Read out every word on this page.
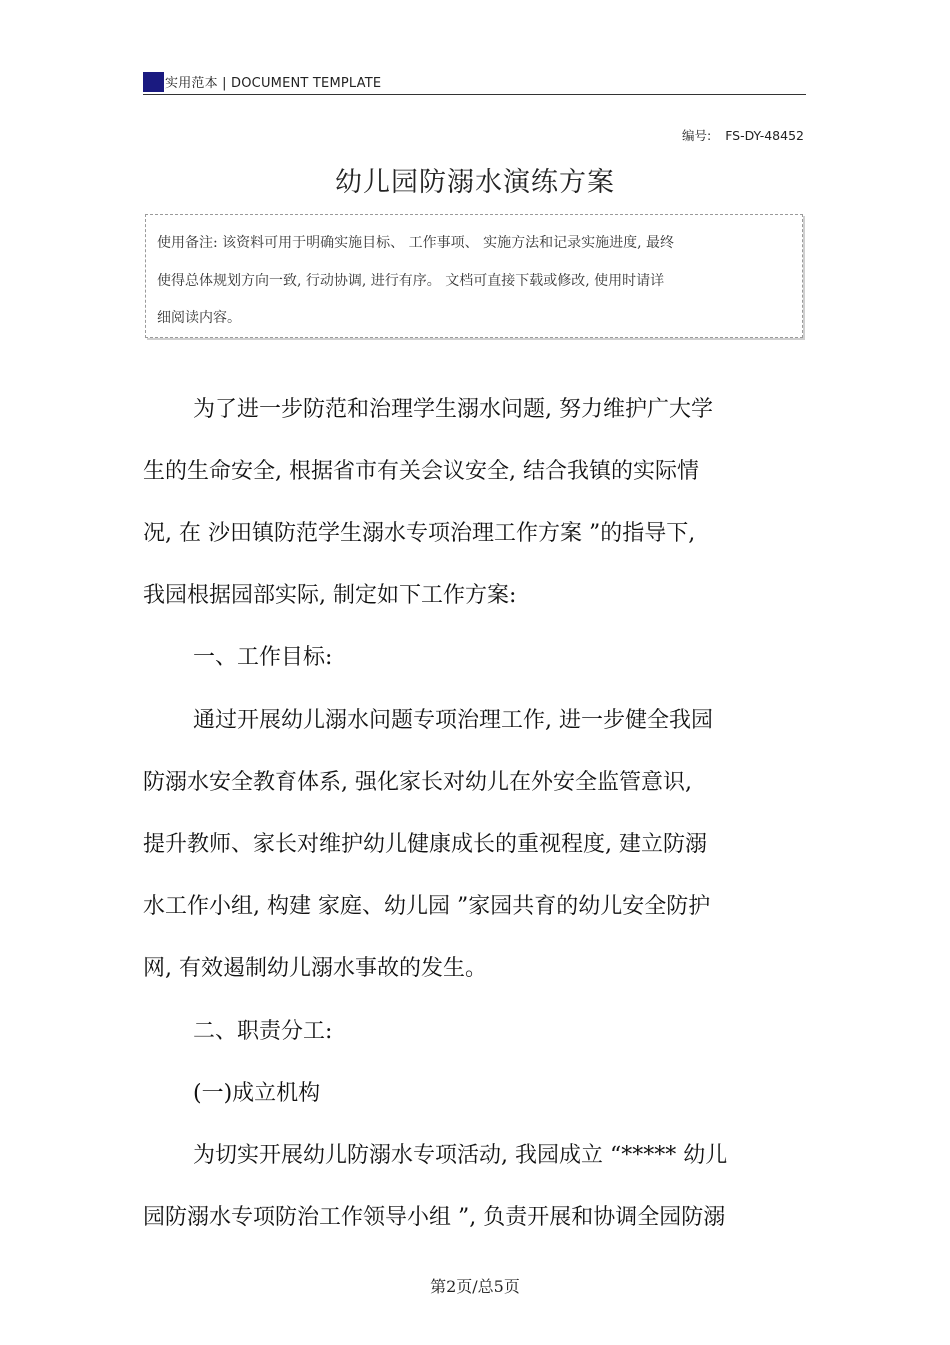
实用范本 | DOCUMENT TEMPLATE
编号: FS-DY-48452
幼儿园防溺水演练方案
使用备注: 该资料可用于明确实施目标、 工作事项、 实施方法和记录实施进度, 最终
使得总体规划方向一致, 行动协调, 进行有序。 文档可直接下载或修改, 使用时请详
细阅读内容。
为了进一步防范和治理学生溺水问题, 努力维护广大学
生的生命安全, 根据省市有关会议安全, 结合我镇的实际情
况, 在 沙田镇防范学生溺水专项治理工作方案 ”的指导下,
我园根据园部实际, 制定如下工作方案:
一、工作目标:
通过开展幼儿溺水问题专项治理工作, 进一步健全我园
防溺水安全教育体系, 强化家长对幼儿在外安全监管意识,
提升教师、家长对维护幼儿健康成长的重视程度, 建立防溺
水工作小组, 构建 家庭、幼儿园 ”家园共育的幼儿安全防护
网, 有效遏制幼儿溺水事故的发生。
二、职责分工:
(一)成立机构
为切实开展幼儿防溺水专项活动, 我园成立 “***** 幼儿
园防溺水专项防治工作领导小组 ”, 负责开展和协调全园防溺
第2页/总5页
